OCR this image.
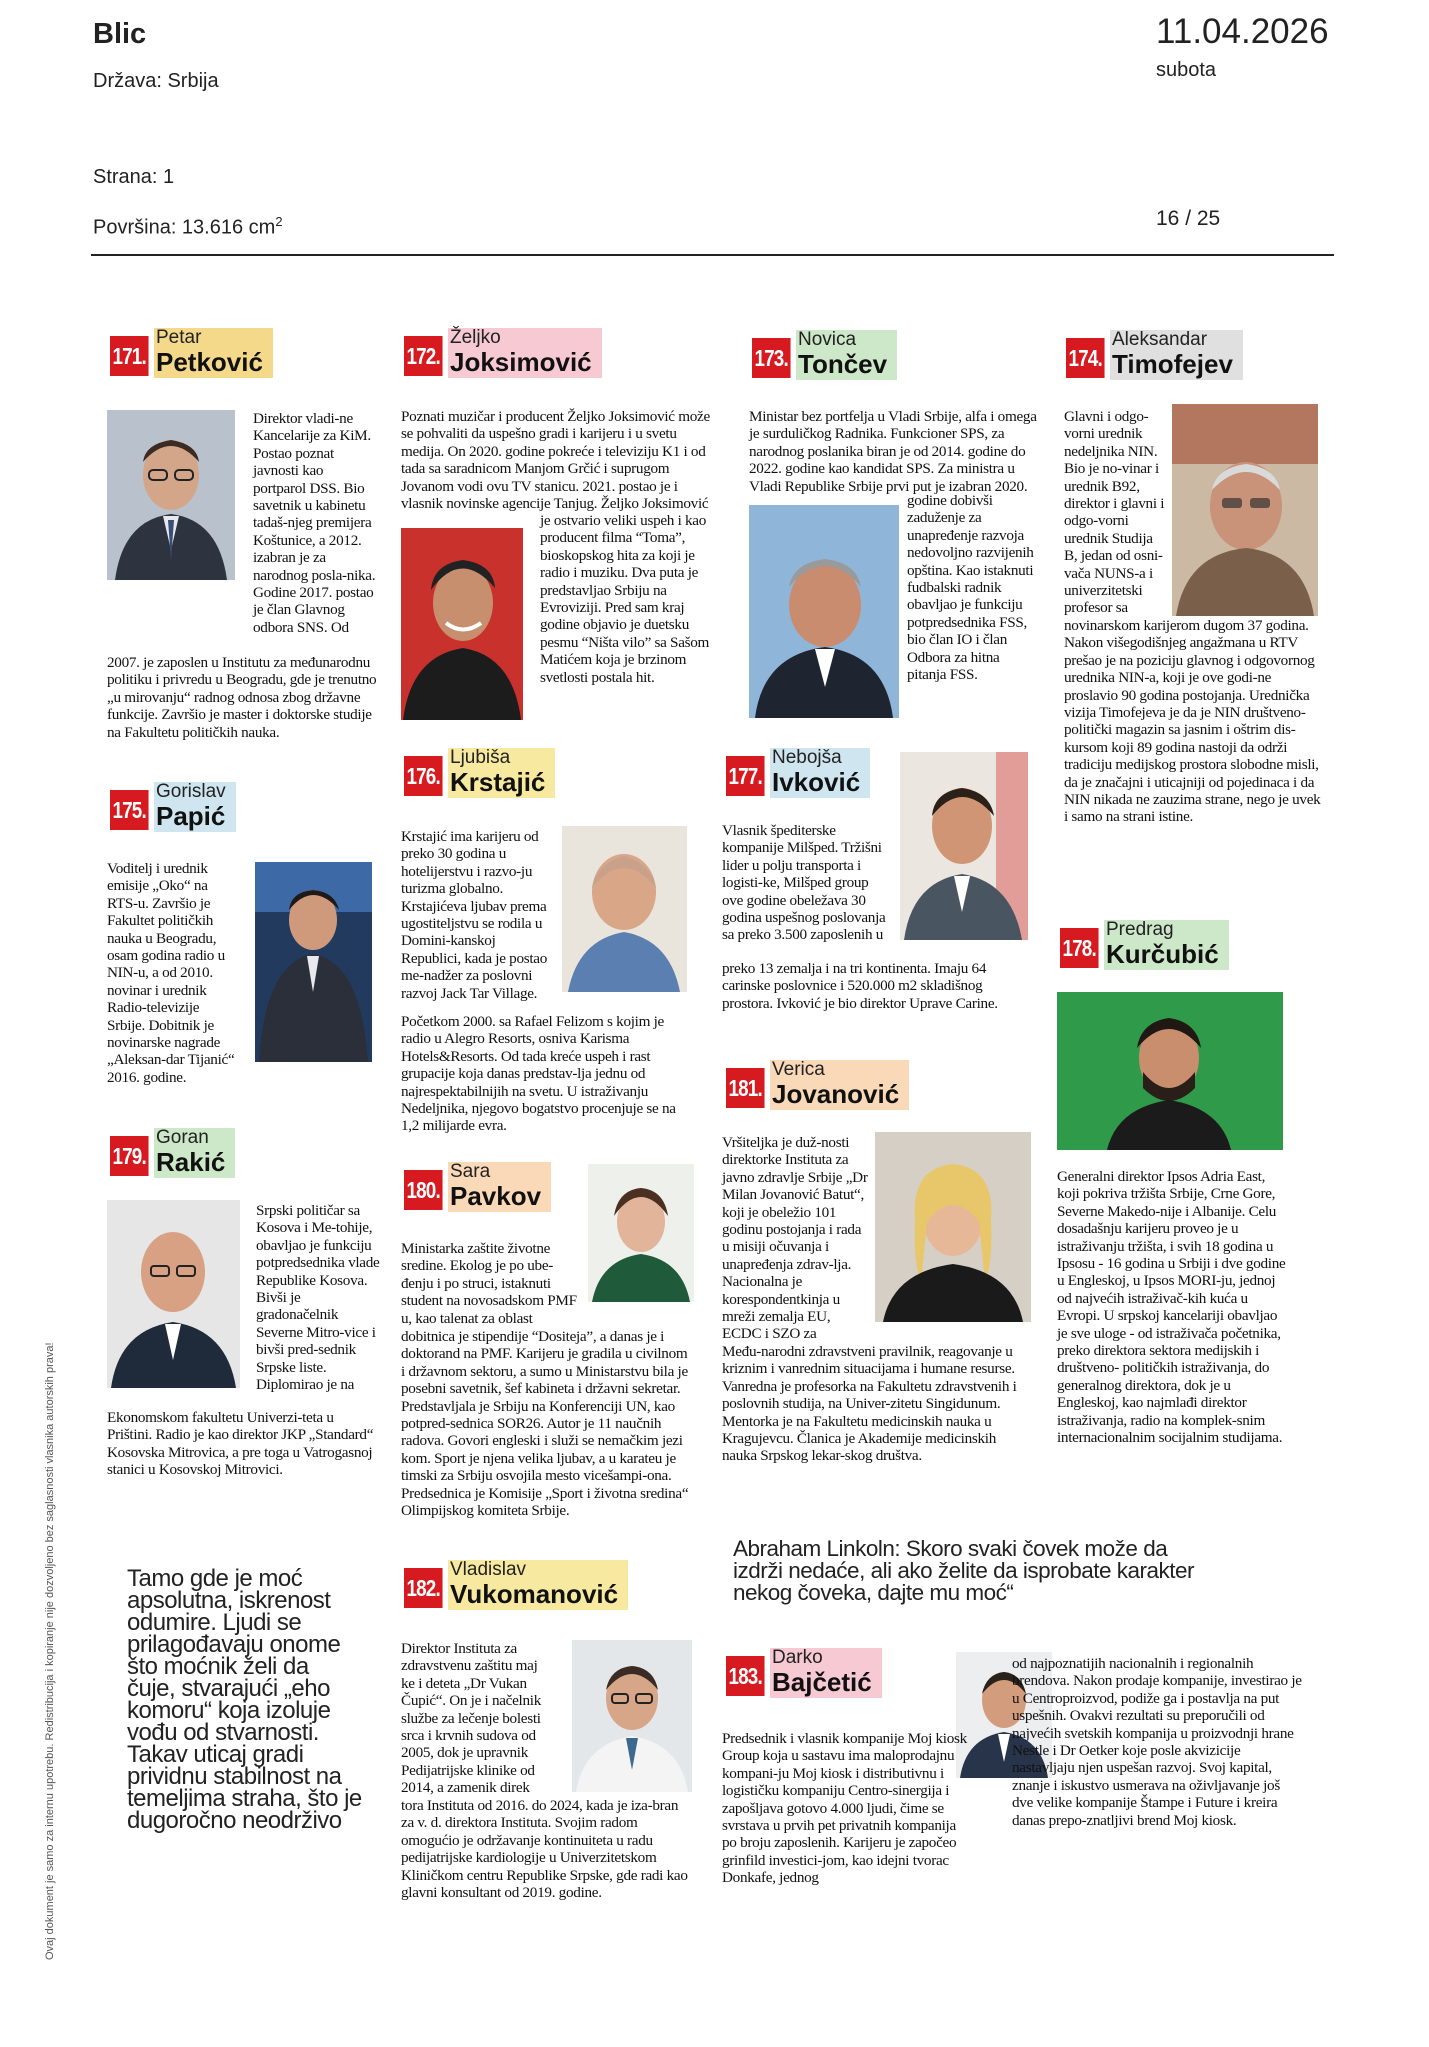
Blic
Država: Srbija
Strana: 1
Površina: 13.616 $cm^2$
11.04.2026
subota
16 / 25
Ovaj dokument je samo za internu upotrebu. Redistribucija i kopiranje nije dozvoljeno bez saglasnosti vlasnika autorskih prava!
171.
Petar
Petković
Direktor vladi-ne Kancelarije za KiM. Postao poznat javnosti kao portparol DSS. Bio savetnik u kabinetu tadaš-njeg premijera Koštunice, a 2012. izabran je za narodnog posla-nika. Godine 2017. postao je član Glavnog odbora SNS. Od
2007. je zaposlen u Institutu za međunarodnu politiku i privredu u Beogradu, gde je trenutno „u mirovanju“ radnog odnosa zbog državne funkcije. Završio je master i doktorske studije na Fakultetu političkih nauka.
172.
Željko
Joksimović
Poznati muzičar i producent Željko Joksimović može se pohvaliti da uspešno gradi i karijeru i u svetu medija. On 2020. godine pokreće i televiziju K1 i od tada sa saradnicom Manjom Grčić i suprugom Jovanom vodi ovu TV stanicu. 2021. postao je i vlasnik novinske agencije Tanjug. Željko Joksimović
je ostvario veliki uspeh i kao producent filma “Toma”, bioskopskog hita za koji je radio i muziku. Dva puta je predstavljao Srbiju na Evroviziji. Pred sam kraj godine objavio je duetsku pesmu “Ništa vilo” sa Sašom Matićem koja je brzinom svetlosti postala hit.
173.
Novica
Tončev
Ministar bez portfelja u Vladi Srbije, alfa i omega je surduličkog Radnika. Funkcioner SPS, za narodnog poslanika biran je od 2014. godine do 2022. godine kao kandidat SPS. Za ministra u Vladi Republike Srbije prvi put je izabran 2020.
godine dobivši zaduženje za unapređenje razvoja nedovoljno razvijenih opština. Kao istaknuti fudbalski radnik obavljao je funkciju potpredsednika FSS, bio član IO i član Odbora za hitna pitanja FSS.
174.
Aleksandar
Timofejev
Glavni i odgo-vorni urednik nedeljnika NIN. Bio je no-vinar i urednik B92, direktor i glavni i odgo-vorni urednik Studija B, jedan od osni-vača NUNS-a i univerzitetski profesor sa
novinarskom karijerom dugom 37 godina. Nakon višegodišnjeg angažmana u RTV prešao je na poziciju glavnog i odgovornog urednika NIN-a, koji je ove godi-ne proslavio 90 godina postojanja. Urednička vizija Timofejeva je da je NIN društveno-politički magazin sa jasnim i oštrim dis-kursom koji 89 godina nastoji da održi tradiciju medijskog prostora slobodne misli, da je značajni i uticajniji od pojedinaca i da NIN nikada ne zauzima strane, nego je uvek i samo na strani istine.
175.
Gorislav
Papić
Voditelj i urednik emisije „Oko“ na RTS-u. Završio je Fakultet političkih nauka u Beogradu, osam godina radio u NIN-u, a od 2010. novinar i urednik Radio-televizije Srbije. Dobitnik je novinarske nagrade „Aleksan-dar Tijanić“ 2016. godine.
176.
Ljubiša
Krstajić
Krstajić ima karijeru od preko 30 godina u hotelijerstvu i razvo-ju turizma globalno. Krstajićeva ljubav prema ugostiteljstvu se rodila u Domini-kanskoj Republici, kada je postao me-nadžer za poslovni razvoj Jack Tar Village.
Početkom 2000. sa Rafael Felizom s kojim je radio u Alegro Resorts, osniva Karisma Hotels&Resorts. Od tada kreće uspeh i rast grupacije koja danas predstav-lja jednu od najrespektabilnijih na svetu. U istraživanju Nedeljnika, njegovo bogatstvo procenjuje se na 1,2 milijarde evra.
177.
Nebojša
Ivković
Vlasnik špediterske kompanije Milšped. Tržišni lider u polju transporta i logisti-ke, Milšped group ove godine obeležava 30 godina uspešnog poslovanja sa preko 3.500 zaposlenih u
preko 13 zemalja i na tri kontinenta. Imaju 64 carinske poslovnice i 520.000 m2 skladišnog prostora. Ivković je bio direktor Uprave Carine.
178.
Predrag
Kurčubić
Generalni direktor Ipsos Adria East, koji pokriva tržišta Srbije, Crne Gore, Severne Makedo-nije i Albanije. Celu dosadašnju karijeru proveo je u istraživanju tržišta, i svih 18 godina u Ipsosu - 16 godina u Srbiji i dve godine u Engleskoj, u Ipsos MORI-ju, jednoj od najvećih istraživač-kih kuća u Evropi. U srpskoj kancelariji obavljao je sve uloge - od istraživača početnika, preko direktora sektora medijskih i društveno- političkih istraživanja, do generalnog direktora, dok je u Engleskoj, kao najmlađi direktor istraživanja, radio na komplek-snim internacionalnim socijalnim studijama.
179.
Goran
Rakić
Srpski političar sa Kosova i Me-tohije, obavljao je funkciju potpredsednika vlade Republike Kosova. Bivši je gradonačelnik Severne Mitro-vice i bivši pred-sednik Srpske liste. Diplomirao je na
Ekonomskom fakultetu Univerzi-teta u Prištini. Radio je kao direktor JKP „Standard“ Kosovska Mitrovica, a pre toga u Vatrogasnoj stanici u Kosovskoj Mitrovici.
180.
Sara
Pavkov
Ministarka zaštite životne sredine. Ekolog je po ube-đenju i po struci, istaknuti student na novosadskom PMF u, kao talenat za oblast
dobitnica je stipendije “Dositeja”, a danas je i doktorand na PMF. Karijeru je gradila u civilnom i državnom sektoru, a sumo u Ministarstvu bila je posebni savetnik, šef kabineta i državni sekretar. Predstavljala je Srbiju na Konferenciji UN, kao potpred-sednica SOR26. Autor je 11 naučnih radova. Govori engleski i služi se nemačkim jezi kom. Sport je njena velika ljubav, a u karateu je timski za Srbiju osvojila mesto vicešampi-ona. Predsednica je Komisije „Sport i životna sredina“ Olimpijskog komiteta Srbije.
181.
Verica
Jovanović
Vršiteljka je duž-nosti direktorke Instituta za javno zdravlje Srbije „Dr Milan Jovanović Batut“, koji je obeležio 101 godinu postojanja i rada u misiji očuvanja i unapređenja zdrav-lja. Nacionalna je korespondentkinja u mreži zemalja EU, ECDC i SZO za
Među-narodni zdravstveni pravilnik, reagovanje u kriznim i vanrednim situacijama i humane resurse. Vanredna je profesorka na Fakultetu zdravstvenih i poslovnih studija, na Univer-zitetu Singidunum. Mentorka je na Fakultetu medicinskih nauka u Kragujevcu. Članica je Akademije medicinskih nauka Srpskog lekar-skog društva.
182.
Vladislav
Vukomanović
Direktor Instituta za zdravstvenu zaštitu maj ke i deteta „Dr Vukan Čupić“. On je i načelnik službe za lečenje bolesti srca i krvnih sudova od 2005, dok je upravnik Pedijatrijske klinike od 2014, a zamenik direk
tora Instituta od 2016. do 2024, kada je iza-bran za v. d. direktora Instituta. Svojim radom omogućio je održavanje kontinuiteta u radu pedijatrijske kardiologije u Univerzitetskom Kliničkom centru Republike Srpske, gde radi kao glavni konsultant od 2019. godine.
183.
Darko
Bajčetić
Predsednik i vlasnik kompanije Moj kiosk Group koja u sastavu ima maloprodajnu kompani-ju Moj kiosk i distributivnu i logističku kompaniju Centro-sinergija i zapošljava gotovo 4.000 ljudi, čime se svrstava u prvih pet privatnih kompanija po broju zaposlenih. Karijeru je započeo grinfild investici-jom, kao idejni tvorac Donkafe, jednog
od najpoznatijih nacionalnih i regionalnih brendova. Nakon prodaje kompanije, investirao je u Centroproizvod, podiže ga i postavlja na put uspešnih. Ovakvi rezultati su preporučili od najvećih svetskih kompanija u proizvodnji hrane Nestle i Dr Oetker koje posle akvizicije nastavljaju njen uspešan razvoj. Svoj kapital, znanje i iskustvo usmerava na oživljavanje još dve velike kompanije Štampe i Future i kreira danas prepo-znatljivi brend Moj kiosk.
Tamo gde je moć apsolutna, iskrenost odumire. Ljudi se prilagođavaju onome što moćnik želi da čuje, stvarajući „eho komoru“ koja izoluje vođu od stvarnosti. Takav uticaj gradi prividnu stabilnost na temeljima straha, što je dugoročno neodrživo
Abraham Linkoln: Skoro svaki čovek može da izdrži nedaće, ali ako želite da isprobate karakter nekog čoveka, dajte mu moć“
